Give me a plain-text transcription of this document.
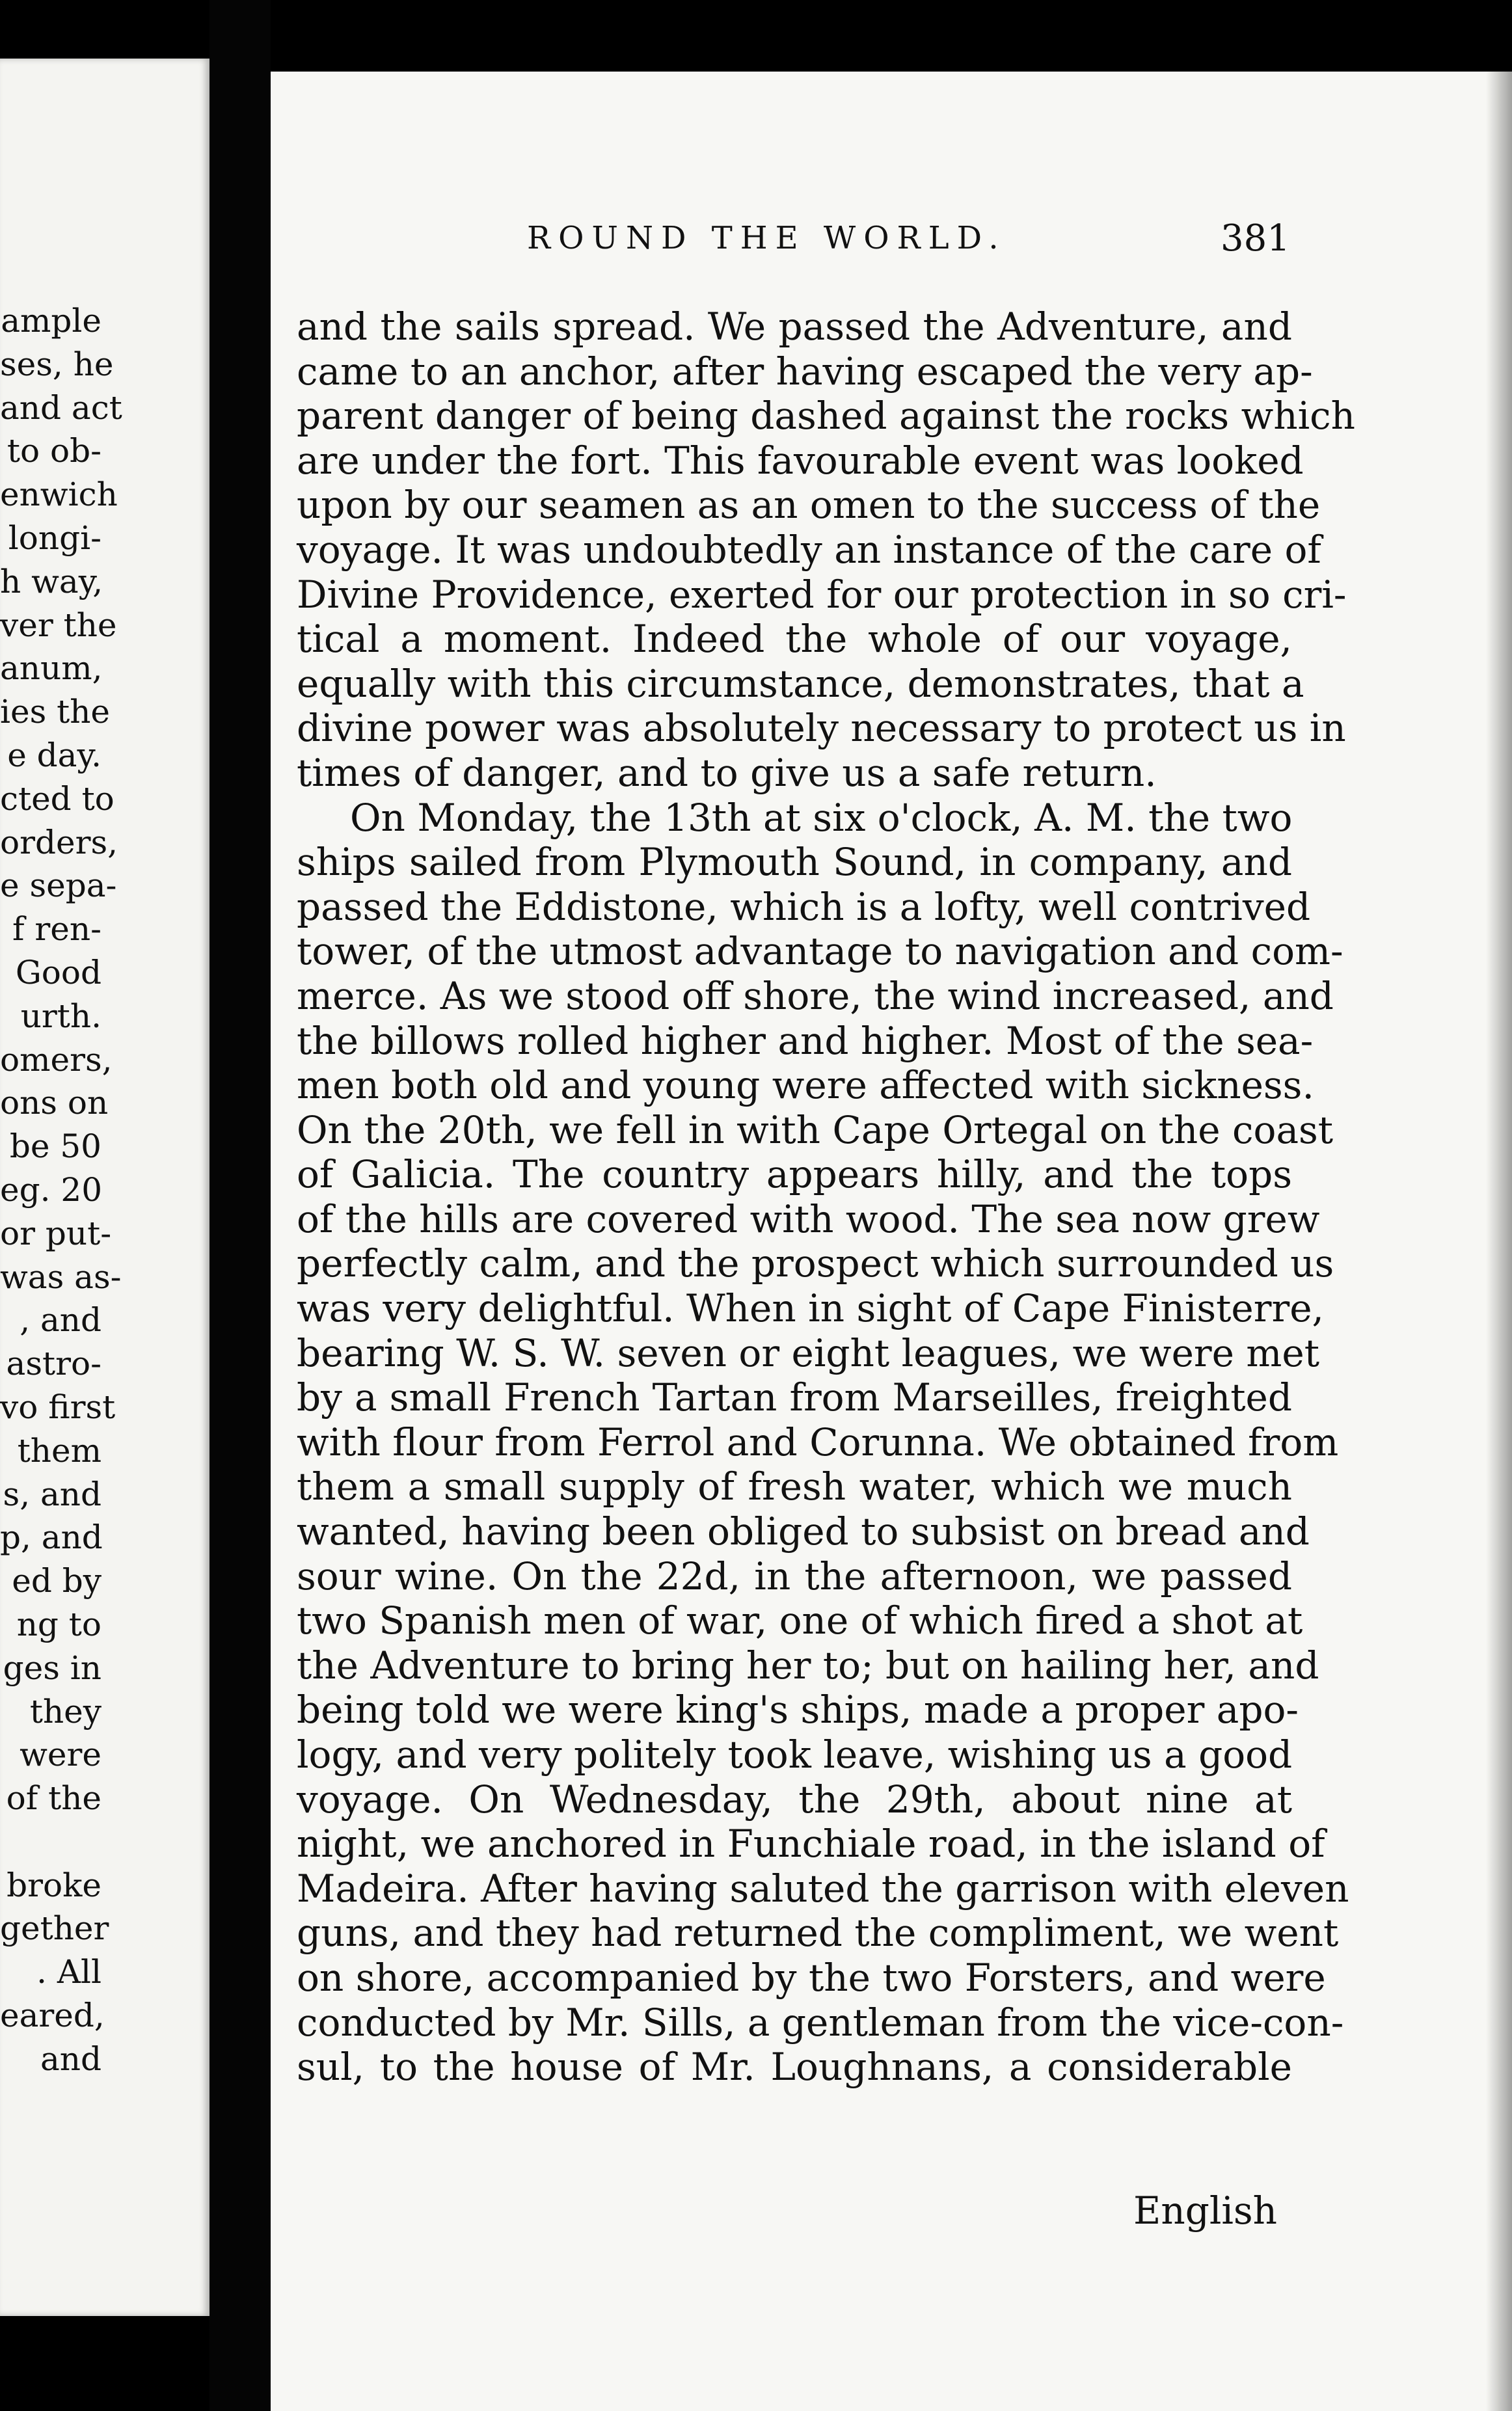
ample
ses, he
and act
to ob-
enwich
longi-
h way,
ver the
anum,
ies the
e day.
cted to
orders,
e sepa-
f ren-
Good
urth.
omers,
ons on
be 50
eg. 20
or put-
was as-
, and
astro-
vo first
them
s, and
p, and
ed by
ng to
ges in
they
were
of the
broke
gether
. All
eared,
and
ROUND THE WORLD.	381
and the sails spread. We passed the Adventure, and
came to an anchor, after having escaped the very ap-
parent danger of being dashed against the rocks which
are under the fort. This favourable event was looked
upon by our seamen as an omen to the success of the
voyage. It was undoubtedly an instance of the care of
Divine Providence, exerted for our protection in so cri-
tical a moment. Indeed the whole of our voyage,
equally with this circumstance, demonstrates, that a
divine power was absolutely necessary to protect us in
times of danger, and to give us a safe return.
On Monday, the 13th at six o'clock, A. M. the two
ships sailed from Plymouth Sound, in company, and
passed the Eddistone, which is a lofty, well contrived
tower, of the utmost advantage to navigation and com-
merce. As we stood off shore, the wind increased, and
the billows rolled higher and higher. Most of the sea-
men both old and young were affected with sickness.
On the 20th, we fell in with Cape Ortegal on the coast
of Galicia. The country appears hilly, and the tops
of the hills are covered with wood. The sea now grew
perfectly calm, and the prospect which surrounded us
was very delightful. When in sight of Cape Finisterre,
bearing W. S. W. seven or eight leagues, we were met
by a small French Tartan from Marseilles, freighted
with flour from Ferrol and Corunna. We obtained from
them a small supply of fresh water, which we much
wanted, having been obliged to subsist on bread and
sour wine. On the 22d, in the afternoon, we passed
two Spanish men of war, one of which fired a shot at
the Adventure to bring her to; but on hailing her, and
being told we were king's ships, made a proper apo-
logy, and very politely took leave, wishing us a good
voyage. On Wednesday, the 29th, about nine at
night, we anchored in Funchiale road, in the island of
Madeira. After having saluted the garrison with eleven
guns, and they had returned the compliment, we went
on shore, accompanied by the two Forsters, and were
conducted by Mr. Sills, a gentleman from the vice-con-
sul, to the house of Mr. Loughnans, a considerable
English
